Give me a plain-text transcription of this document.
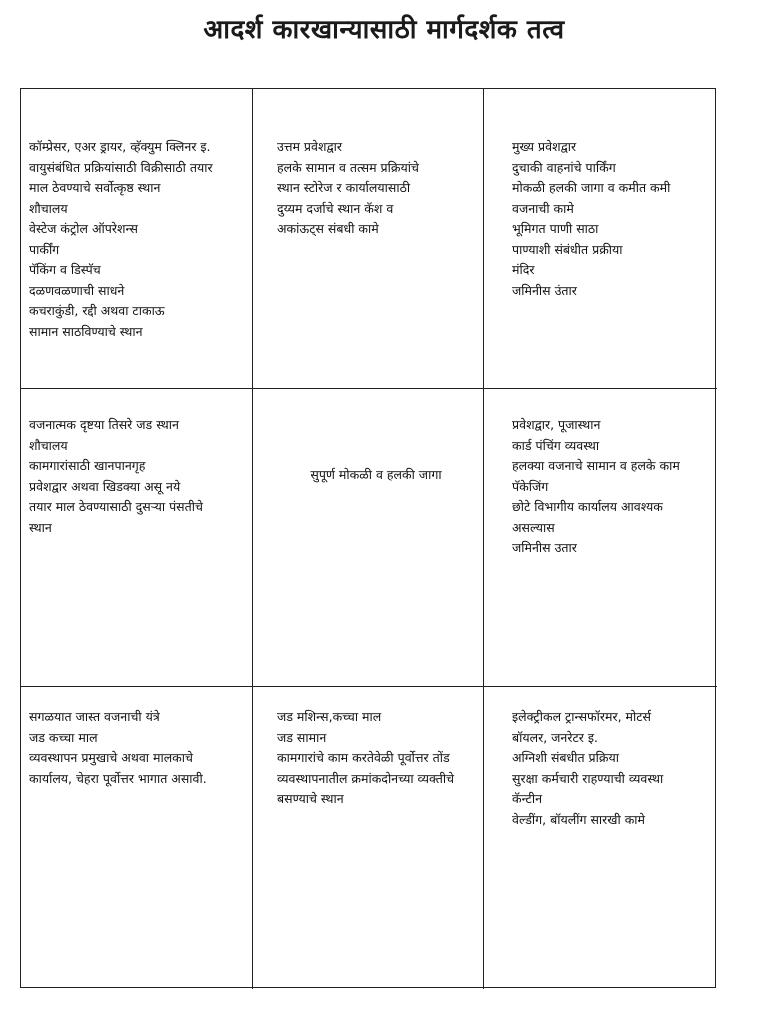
आदर्श कारखान्यासाठी मार्गदर्शक तत्व
कॉम्प्रेसर, एअर ड्रायर, व्हॅक्युम क्लिनर इ.
वायुसंबंधित प्रक्रियांसाठी विक्रीसाठी तयार
माल ठेवण्याचे सर्वोत्कृष्ठ स्थान
शौचालय
वेस्टेज कंट्रोल ऑपरेशन्स
पार्कींग
पॅकिंग व डिस्पॅच
दळणवळणाची साधने
कचराकुंडी, रद्दी अथवा टाकाऊ
सामान साठविण्याचे स्थान
उत्तम प्रवेशद्वार
हलके सामान व तत्सम प्रक्रियांचे
स्थान स्टोरेज र कार्यालयासाठी
दुय्यम दर्जाचे स्थान कॅश व
अकांऊट्स संबधी कामे
मुख्य प्रवेशद्वार
दुचाकी वाहनांचे पार्किंग
मोकळी हलकी जागा व कमीत कमी
वजनाची कामे
भूमिगत पाणी साठा
पाण्याशी संबंधीत प्रक्रीया
मंदिर
जमिनीस उंतार
वजनात्मक दृष्टया तिसरे जड स्थान
शौचालय
कामगारांसाठी खानपानगृह
प्रवेशद्वार अथवा खिडक्या असू नये
तयार माल ठेवण्यासाठी दुसऱ्या पंसतीचे
स्थान
सुपूर्ण मोकळी व हलकी जागा
प्रवेशद्वार, पूजास्थान
कार्ड पंचिंग व्यवस्था
हलक्या वजनाचे सामान व हलके काम
पॅकेजिंग
छोटे विभागीय कार्यालय आवश्यक
असल्यास
जमिनीस उतार
सगळयात जास्त वजनाची यंत्रे
जड कच्चा माल
व्यवस्थापन प्रमुखाचे अथवा मालकाचे
कार्यालय, चेहरा पूर्वोत्तर भागात असावी.
जड मशिन्स,कच्चा माल
जड सामान
कामगारांचे काम करतेवेळी पूर्वोत्तर तोंड
व्यवस्थापनातील क्रमांकदोनच्या व्यक्तीचे
बसण्याचे स्थान
इलेक्ट्रीकल ट्रान्सफॉरमर, मोटर्स
बॉयलर, जनरेटर इ.
अग्निशी संबधीत प्रक्रिया
सुरक्षा कर्मचारी राहण्याची व्यवस्था
कॅन्टीन
वेल्डींग, बॉयलींग सारखी कामे
